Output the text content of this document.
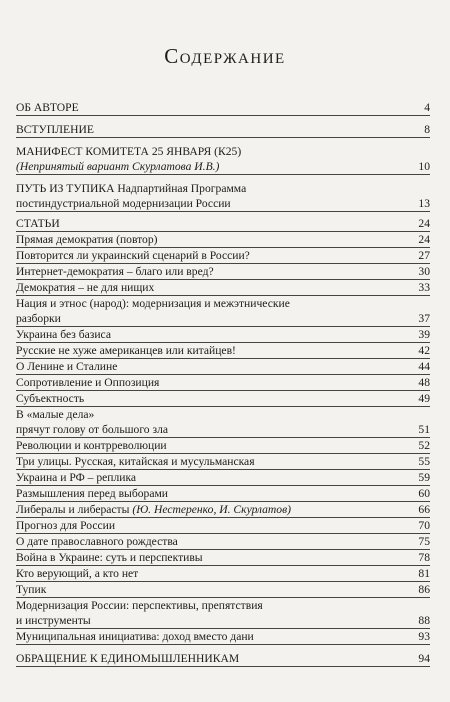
Содержание
ОБ АВТОРЕ	4
ВСТУПЛЕНИЕ	8
МАНИФЕСТ КОМИТЕТА 25 ЯНВАРЯ (К25)
(Непринятый вариант Скурлатова И.В.)	10
ПУТЬ ИЗ ТУПИКА Надпартийная Программа
постиндустриальной модернизации России	13
СТАТЬИ	24
Прямая демократия (повтор)	24
Повторится ли украинский сценарий в России?	27
Интернет-демократия – благо или вред?	30
Демократия – не для нищих	33
Нация и этнос (народ): модернизация и межэтнические
разборки	37
Украина без базиса	39
Русские не хуже американцев или китайцев!	42
О Ленине и Сталине	44
Сопротивление и Оппозиция	48
Субъектность	49
В «малые дела»
прячут голову от большого зла	51
Революции и контрреволюции	52
Три улицы. Русская, китайская и мусульманская	55
Украина и РФ – реплика	59
Размышления перед выборами	60
Либералы и либерасты (Ю. Нестеренко, И. Скурлатов)	66
Прогноз для России	70
О дате православного рождества	75
Война в Украине: суть и перспективы	78
Кто верующий, а кто нет	81
Тупик	86
Модернизация России: перспективы, препятствия
и инструменты	88
Муниципальная инициатива: доход вместо дани	93
ОБРАЩЕНИЕ К ЕДИНОМЫШЛЕННИКАМ	94
